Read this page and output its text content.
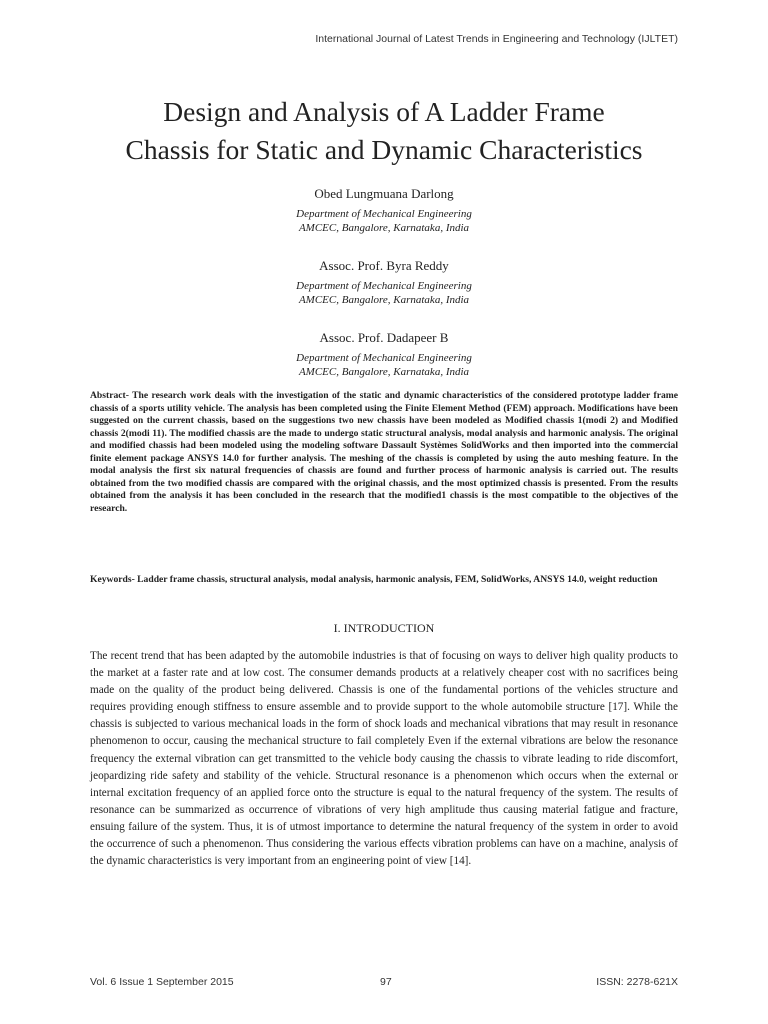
International Journal of Latest Trends in Engineering and Technology (IJLTET)
Design and Analysis of A Ladder Frame
Chassis for Static and Dynamic Characteristics
Obed Lungmuana Darlong
Department of Mechanical Engineering
AMCEC, Bangalore, Karnataka, India
Assoc. Prof. Byra Reddy
Department of Mechanical Engineering
AMCEC, Bangalore, Karnataka, India
Assoc. Prof. Dadapeer B
Department of Mechanical Engineering
AMCEC, Bangalore, Karnataka, India

Abstract- The research work deals with the investigation of the static and dynamic characteristics of the considered prototype ladder frame chassis of a sports utility vehicle. The analysis has been completed using the Finite Element Method (FEM) approach. Modifications have been suggested on the current chassis, based on the suggestions two new chassis have been modeled as Modified chassis 1(modi 2) and Modified chassis 2(modi 11). The modified chassis are the made to undergo static structural analysis, modal analysis and harmonic analysis. The original and modified chassis had been modeled using the modeling software Dassault Systèmes SolidWorks and then imported into the commercial finite element package ANSYS 14.0 for further analysis. The meshing of the chassis is completed by using the auto meshing feature. In the modal analysis the first six natural frequencies of chassis are found and further process of harmonic analysis is carried out. The results obtained from the two modified chassis are compared with the original chassis, and the most optimized chassis is presented. From the results obtained from the analysis it has been concluded in the research that the modified1 chassis is the most compatible to the objectives of the research.

Keywords- Ladder frame chassis, structural analysis, modal analysis, harmonic analysis, FEM, SolidWorks, ANSYS 14.0, weight reduction

I. INTRODUCTION

The recent trend that has been adapted by the automobile industries is that of focusing on ways to deliver high quality products to the market at a faster rate and at low cost. The consumer demands products at a relatively cheaper cost with no sacrifices being made on the quality of the product being delivered. Chassis is one of the fundamental portions of the vehicles structure and requires providing enough stiffness to ensure assemble and to provide support to the whole automobile structure [17]. While the chassis is subjected to various mechanical loads in the form of shock loads and mechanical vibrations that may result in resonance phenomenon to occur, causing the mechanical structure to fail completely Even if the external vibrations are below the resonance frequency the external vibration can get transmitted to the vehicle body causing the chassis to vibrate leading to ride discomfort, jeopardizing ride safety and stability of the vehicle. Structural resonance is a phenomenon which occurs when the external or internal excitation frequency of an applied force onto the structure is equal to the natural frequency of the system. The results of resonance can be summarized as occurrence of vibrations of very high amplitude thus causing material fatigue and fracture, ensuing failure of the system. Thus, it is of utmost importance to determine the natural frequency of the system in order to avoid the occurrence of such a phenomenon. Thus considering the various effects vibration problems can have on a machine, analysis of the dynamic characteristics is very important from an engineering point of view [14].

Vol. 6 Issue 1 September 2015	97	ISSN: 2278-621X
